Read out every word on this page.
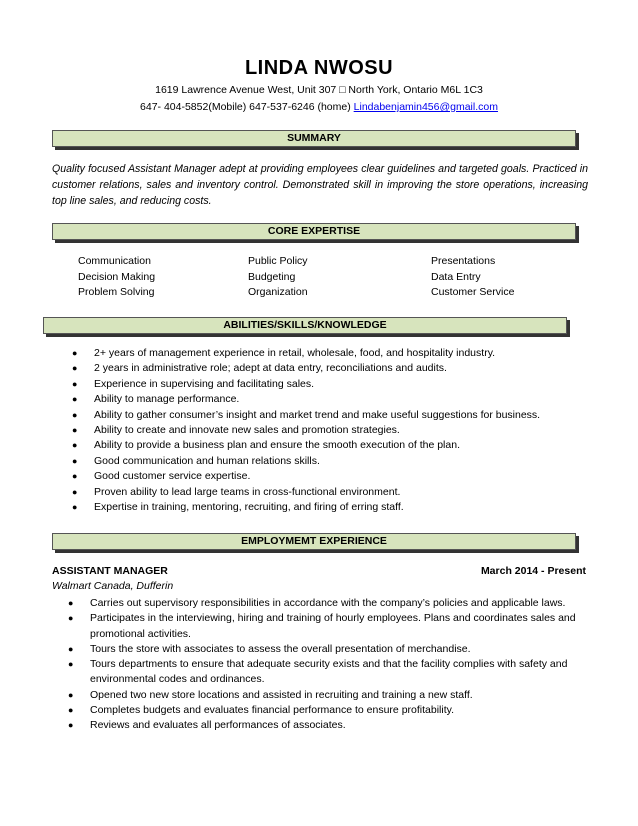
LINDA NWOSU
1619 Lawrence Avenue West, Unit 307 □ North York, Ontario M6L 1C3
647- 404-5852(Mobile) 647-537-6246 (home) Lindabenjamin456@gmail.com
SUMMARY
Quality focused Assistant Manager adept at providing employees clear guidelines and targeted goals. Practiced in customer relations, sales and inventory control. Demonstrated skill in improving the store operations, increasing top line sales, and reducing costs.
CORE EXPERTISE
Communication
Decision Making
Problem Solving
Public Policy
Budgeting
Organization
Presentations
Data Entry
Customer Service
ABILITIES/SKILLS/KNOWLEDGE
● 2+ years of management experience in retail, wholesale, food, and hospitality industry.
● 2 years in administrative role; adept at data entry, reconciliations and audits.
● Experience in supervising and facilitating sales.
● Ability to manage performance.
● Ability to gather consumer’s insight and market trend and make useful suggestions for business.
● Ability to create and innovate new sales and promotion strategies.
● Ability to provide a business plan and ensure the smooth execution of the plan.
● Good communication and human relations skills.
● Good customer service expertise.
● Proven ability to lead large teams in cross-functional environment.
● Expertise in training, mentoring, recruiting, and firing of erring staff.
EMPLOYMEMT EXPERIENCE
ASSISTANT MANAGER	March 2014 - Present
Walmart Canada, Dufferin
● Carries out supervisory responsibilities in accordance with the company’s policies and applicable laws.
● Participates in the interviewing, hiring and training of hourly employees. Plans and coordinates sales and promotional activities.
● Tours the store with associates to assess the overall presentation of merchandise.
● Tours departments to ensure that adequate security exists and that the facility complies with safety and environmental codes and ordinances.
● Opened two new store locations and assisted in recruiting and training a new staff.
● Completes budgets and evaluates financial performance to ensure profitability.
● Reviews and evaluates all performances of associates.
